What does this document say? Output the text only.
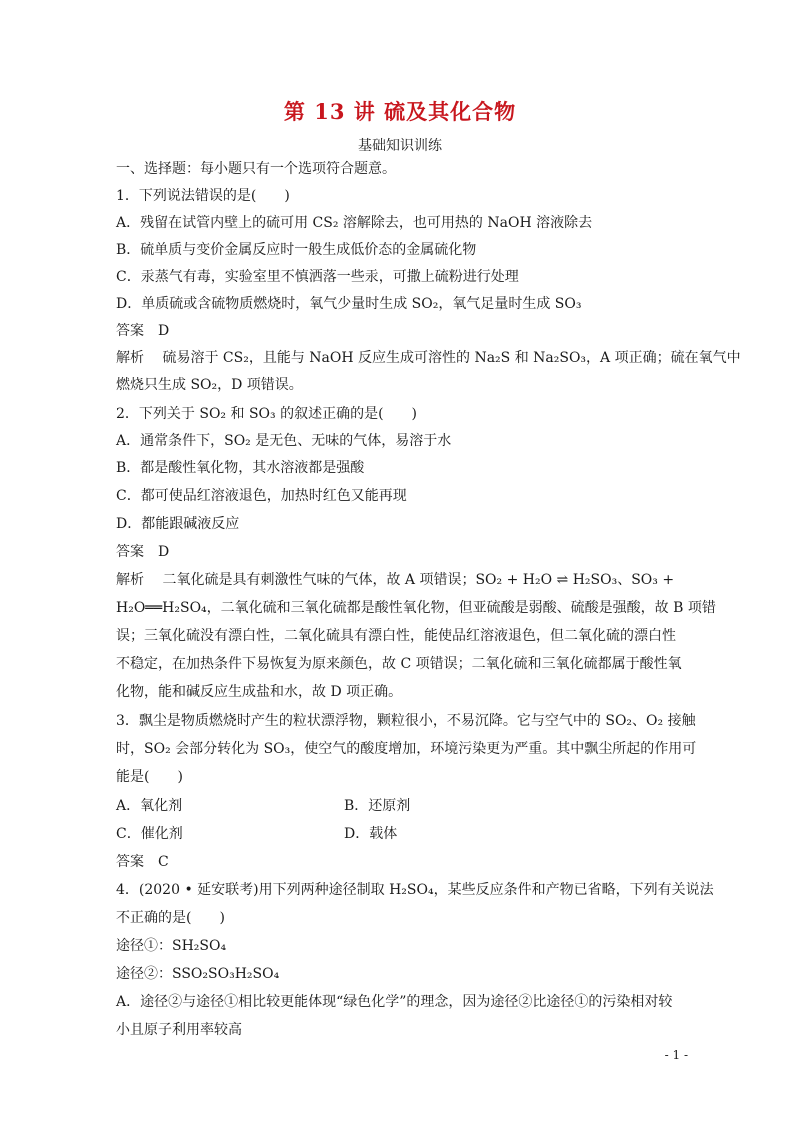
第 13 讲 硫及其化合物
基础知识训练
一、选择题：每小题只有一个选项符合题意。
1．下列说法错误的是(　　)
A．残留在试管内壁上的硫可用 CS₂ 溶解除去，也可用热的 NaOH 溶液除去
B．硫单质与变价金属反应时一般生成低价态的金属硫化物
C．汞蒸气有毒，实验室里不慎洒落一些汞，可撒上硫粉进行处理
D．单质硫或含硫物质燃烧时，氧气少量时生成 SO₂，氧气足量时生成 SO₃
答案　D
解析　 硫易溶于 CS₂，且能与 NaOH 反应生成可溶性的 Na₂S 和 Na₂SO₃，A 项正确；硫在氧气中
燃烧只生成 SO₂，D 项错误。
2．下列关于 SO₂ 和 SO₃ 的叙述正确的是(　　)
A．通常条件下，SO₂ 是无色、无味的气体，易溶于水
B．都是酸性氧化物，其水溶液都是强酸
C．都可使品红溶液退色，加热时红色又能再现
D．都能跟碱液反应
答案　D
解析　 二氧化硫是具有刺激性气味的气体，故 A 项错误；SO₂ + H₂O ⇌ H₂SO₃、SO₃ +
H₂O══H₂SO₄，二氧化硫和三氧化硫都是酸性氧化物，但亚硫酸是弱酸、硫酸是强酸，故 B 项错
误；三氧化硫没有漂白性，二氧化硫具有漂白性，能使品红溶液退色，但二氧化硫的漂白性
不稳定，在加热条件下易恢复为原来颜色，故 C 项错误；二氧化硫和三氧化硫都属于酸性氧
化物，能和碱反应生成盐和水，故 D 项正确。
3．飘尘是物质燃烧时产生的粒状漂浮物，颗粒很小，不易沉降。它与空气中的 SO₂、O₂ 接触
时，SO₂ 会部分转化为 SO₃，使空气的酸度增加，环境污染更为严重。其中飘尘所起的作用可
能是(　　)
A．氧化剂	B．还原剂
C．催化剂	D．载体
答案　C
4．(2020 • 延安联考)用下列两种途径制取 H₂SO₄，某些反应条件和产物已省略，下列有关说法
不正确的是(　　)
途径①：SH₂SO₄
途径②：SSO₂SO₃H₂SO₄
A．途径②与途径①相比较更能体现“绿色化学”的理念，因为途径②比途径①的污染相对较
小且原子利用率较高
- 1 -
